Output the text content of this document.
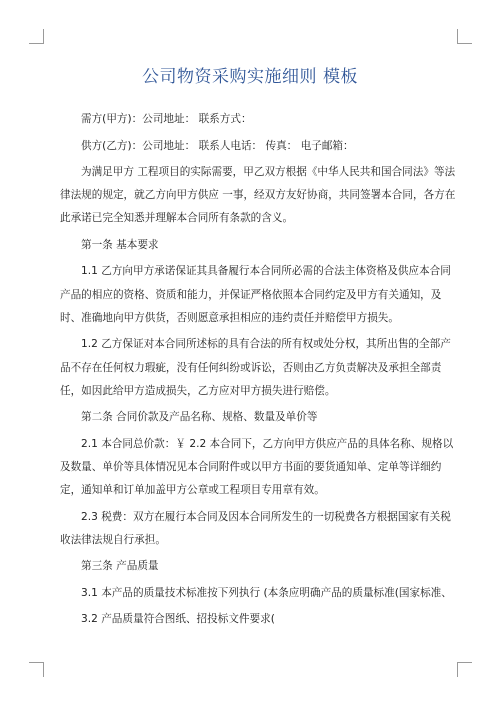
公司物资采购实施细则 模板

需方(甲方)：公司地址： 联系方式：

供方(乙方)：公司地址： 联系人电话： 传真： 电子邮箱：

为满足甲方 工程项目的实际需要，甲乙双方根据《中华人民共和国合同法》等法律法规的规定，就乙方向甲方供应 一事，经双方友好协商，共同签署本合同，各方在此承诺已完全知悉并理解本合同所有条款的含义。

第一条 基本要求

1.1 乙方向甲方承诺保证其具备履行本合同所必需的合法主体资格及供应本合同产品的相应的资格、资质和能力，并保证严格依照本合同约定及甲方有关通知，及时、准确地向甲方供货，否则愿意承担相应的违约责任并赔偿甲方损失。

1.2 乙方保证对本合同所述标的具有合法的所有权或处分权，其所出售的全部产品不存在任何权力瑕疵，没有任何纠纷或诉讼，否则由乙方负责解决及承担全部责任，如因此给甲方造成损失，乙方应对甲方损失进行赔偿。

第二条 合同价款及产品名称、规格、数量及单价等

2.1 本合同总价款：￥ 2.2 本合同下，乙方向甲方供应产品的具体名称、规格以及数量、单价等具体情况见本合同附件或以甲方书面的要货通知单、定单等详细约定，通知单和订单加盖甲方公章或工程项目专用章有效。

2.3 税费：双方在履行本合同及因本合同所发生的一切税费各方根据国家有关税收法律法规自行承担。

第三条 产品质量

3.1 本产品的质量技术标准按下列执行 (本条应明确产品的质量标准(国家标准、

3.2 产品质量符合图纸、招投标文件要求(
